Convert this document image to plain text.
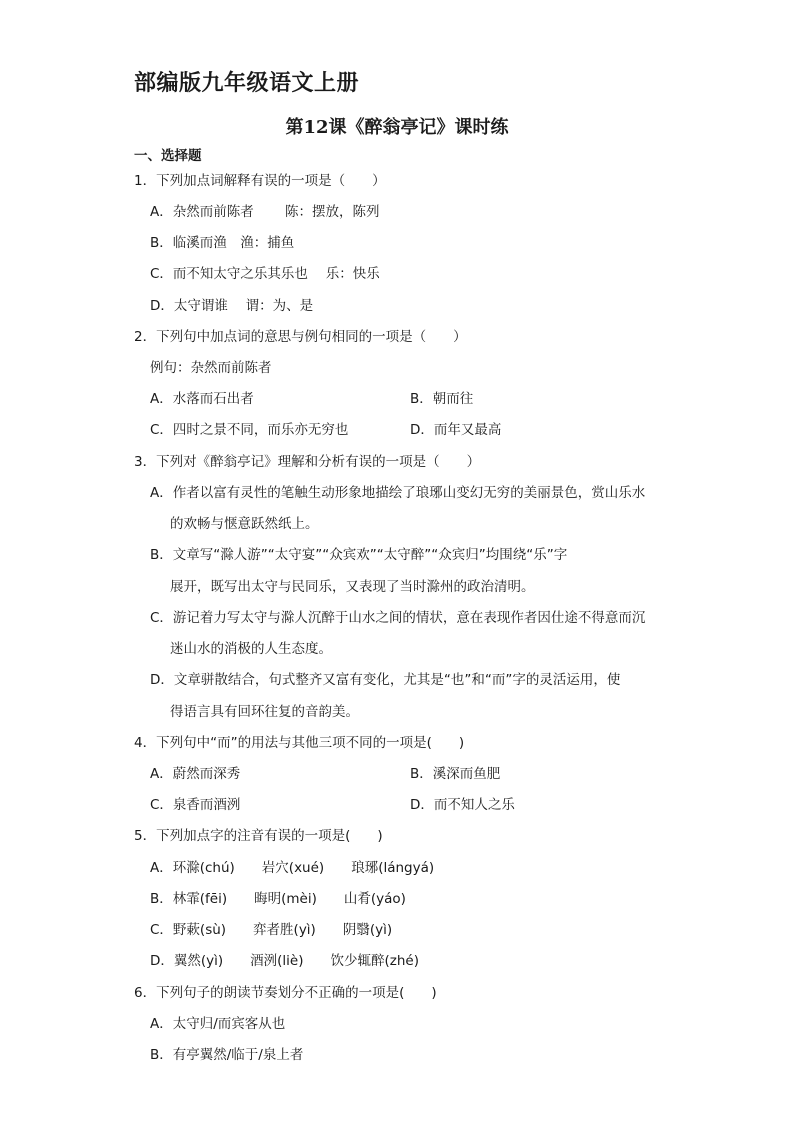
部编版九年级语文上册
第12课《醉翁亭记》课时练
一、选择题
1．下列加点词解释有误的一项是（　　）
A．杂然而前陈者　　 陈：摆放，陈列
B．临溪而渔　渔：捕鱼
C．而不知太守之乐其乐也　 乐：快乐
D．太守谓谁　 谓：为、是
2．下列句中加点词的意思与例句相同的一项是（　　）
例句：杂然而前陈者
A．水落而石出者	B．朝而往
C．四时之景不同，而乐亦无穷也	D．而年又最高
3．下列对《醉翁亭记》理解和分析有误的一项是（　　）
A．作者以富有灵性的笔触生动形象地描绘了琅琊山变幻无穷的美丽景色，赏山乐水
的欢畅与惬意跃然纸上。
B．文章写“滁人游”“太守宴”“众宾欢”“太守醉”“众宾归”均围绕“乐”字
展开，既写出太守与民同乐，又表现了当时滁州的政治清明。
C．游记着力写太守与滁人沉醉于山水之间的情状，意在表现作者因仕途不得意而沉
迷山水的消极的人生态度。
D．文章骈散结合，句式整齐又富有变化，尤其是“也”和“而”字的灵活运用，使
得语言具有回环往复的音韵美。
4．下列句中“而”的用法与其他三项不同的一项是(　　)
A．蔚然而深秀	B．溪深而鱼肥
C．泉香而酒洌	D．而不知人之乐
5．下列加点字的注音有误的一项是(　　)
A．环滁(chú)　　岩穴(xué)　　琅琊(lángyá)
B．林霏(fēi)　　晦明(mèi)　　山肴(yáo)
C．野蔌(sù)　　弈者胜(yì)　　阴翳(yì)
D．翼然(yì)　　酒洌(liè)　　饮少辄醉(zhé)
6．下列句子的朗读节奏划分不正确的一项是(　　)
A．太守归/而宾客从也
B．有亭翼然/临于/泉上者
